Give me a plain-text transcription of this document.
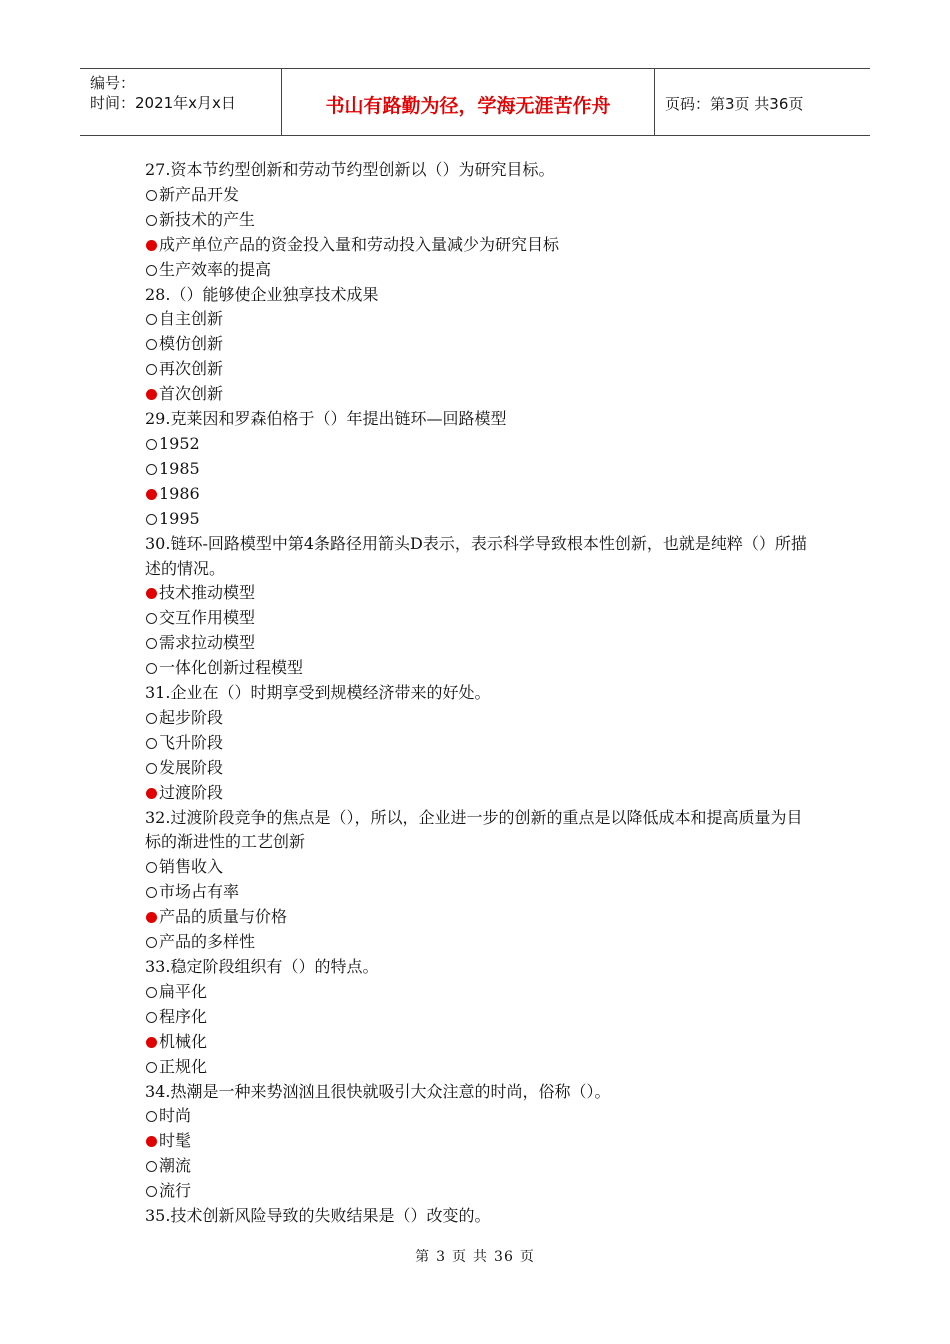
编号：
时间：2021年x月x日	书山有路勤为径，学海无涯苦作舟	页码：第3页 共36页
27.资本节约型创新和劳动节约型创新以（）为研究目标。
新产品开发
新技术的产生
成产单位产品的资金投入量和劳动投入量减少为研究目标
生产效率的提高
28.（）能够使企业独享技术成果
自主创新
模仿创新
再次创新
首次创新
29.克莱因和罗森伯格于（）年提出链环—回路模型
1952
1985
1986
1995
30.链环-回路模型中第4条路径用箭头D表示，表示科学导致根本性创新，也就是纯粹（）所描述的情况。
技术推动模型
交互作用模型
需求拉动模型
一体化创新过程模型
31.企业在（）时期享受到规模经济带来的好处。
起步阶段
飞升阶段
发展阶段
过渡阶段
32.过渡阶段竞争的焦点是（），所以，企业进一步的创新的重点是以降低成本和提高质量为目标的渐进性的工艺创新
销售收入
市场占有率
产品的质量与价格
产品的多样性
33.稳定阶段组织有（）的特点。
扁平化
程序化
机械化
正规化
34.热潮是一种来势汹汹且很快就吸引大众注意的时尚，俗称（）。
时尚
时髦
潮流
流行
35.技术创新风险导致的失败结果是（）改变的。
第 3 页 共 36 页
